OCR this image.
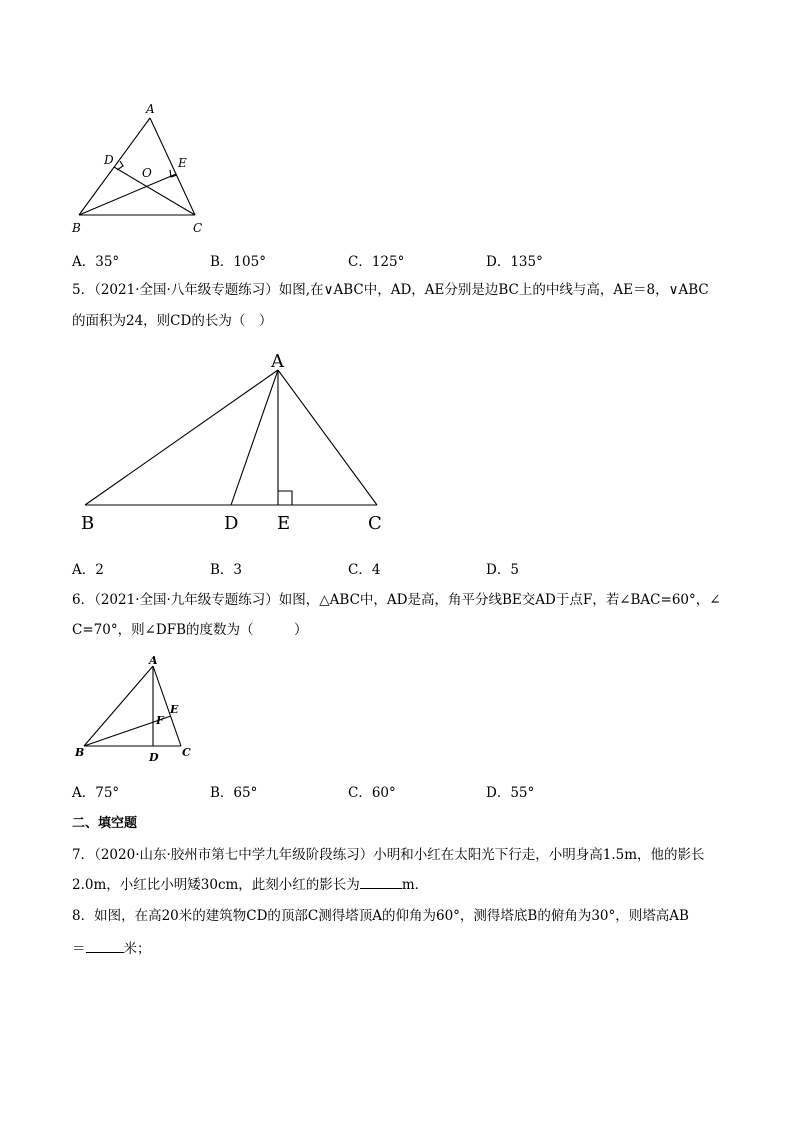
A
D	E
O
B	C
A．35°	B．105°	C．125°	D．135°
5．（2021·全国·八年级专题练习）如图,在∨ABC中，AD，AE分别是边BC上的中线与高，AE＝8，∨ABC
的面积为24，则CD的长为（　）
A
B	D E	C
A．2	B．3	C．4	D．5
6．（2021·全国·九年级专题练习）如图，△ABC中，AD是高，角平分线BE交AD于点F，若∠BAC=60°，∠
C=70°，则∠DFB的度数为（　　　）
A
E
F
B	D C
A．75°	B．65°	C．60°	D．55°
二、填空题
7．（2020·山东·胶州市第七中学九年级阶段练习）小明和小红在太阳光下行走，小明身高1.5m，他的影长
2.0m，小红比小明矮30cm，此刻小红的影长为	m．
8．如图，在高20米的建筑物CD的顶部C测得塔顶A的仰角为60°，测得塔底B的俯角为30°，则塔高AB
＝	米；
